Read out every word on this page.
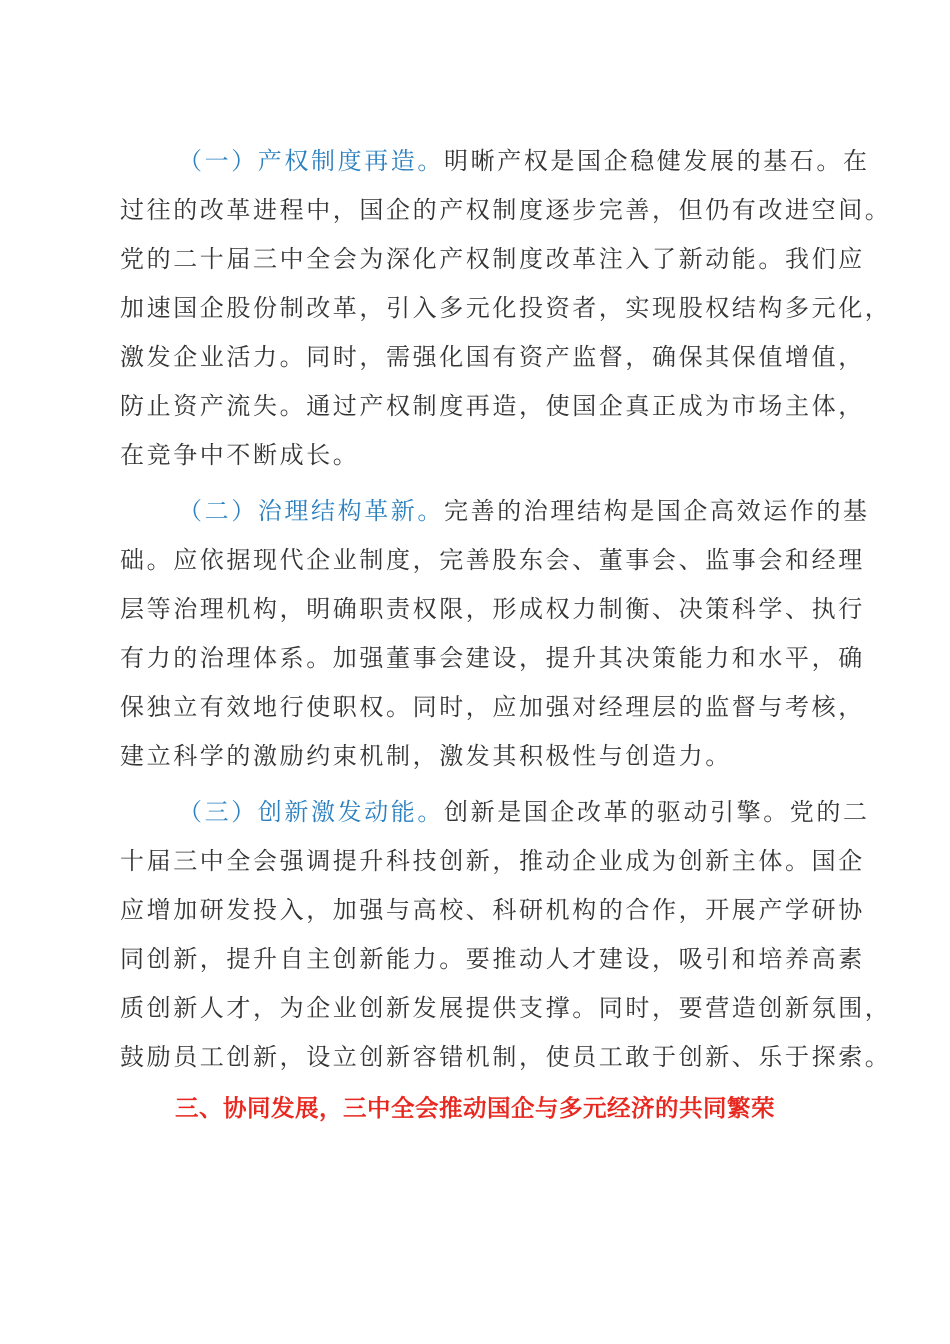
（一）产权制度再造。明晰产权是国企稳健发展的基石。在
过往的改革进程中，国企的产权制度逐步完善，但仍有改进空间。
党的二十届三中全会为深化产权制度改革注入了新动能。我们应
加速国企股份制改革，引入多元化投资者，实现股权结构多元化，
激发企业活力。同时，需强化国有资产监督，确保其保值增值，
防止资产流失。通过产权制度再造，使国企真正成为市场主体，
在竞争中不断成长。
（二）治理结构革新。完善的治理结构是国企高效运作的基
础。应依据现代企业制度，完善股东会、董事会、监事会和经理
层等治理机构，明确职责权限，形成权力制衡、决策科学、执行
有力的治理体系。加强董事会建设，提升其决策能力和水平，确
保独立有效地行使职权。同时，应加强对经理层的监督与考核，
建立科学的激励约束机制，激发其积极性与创造力。
（三）创新激发动能。创新是国企改革的驱动引擎。党的二
十届三中全会强调提升科技创新，推动企业成为创新主体。国企
应增加研发投入，加强与高校、科研机构的合作，开展产学研协
同创新，提升自主创新能力。要推动人才建设，吸引和培养高素
质创新人才，为企业创新发展提供支撑。同时，要营造创新氛围，
鼓励员工创新，设立创新容错机制，使员工敢于创新、乐于探索。
三、协同发展，三中全会推动国企与多元经济的共同繁荣
